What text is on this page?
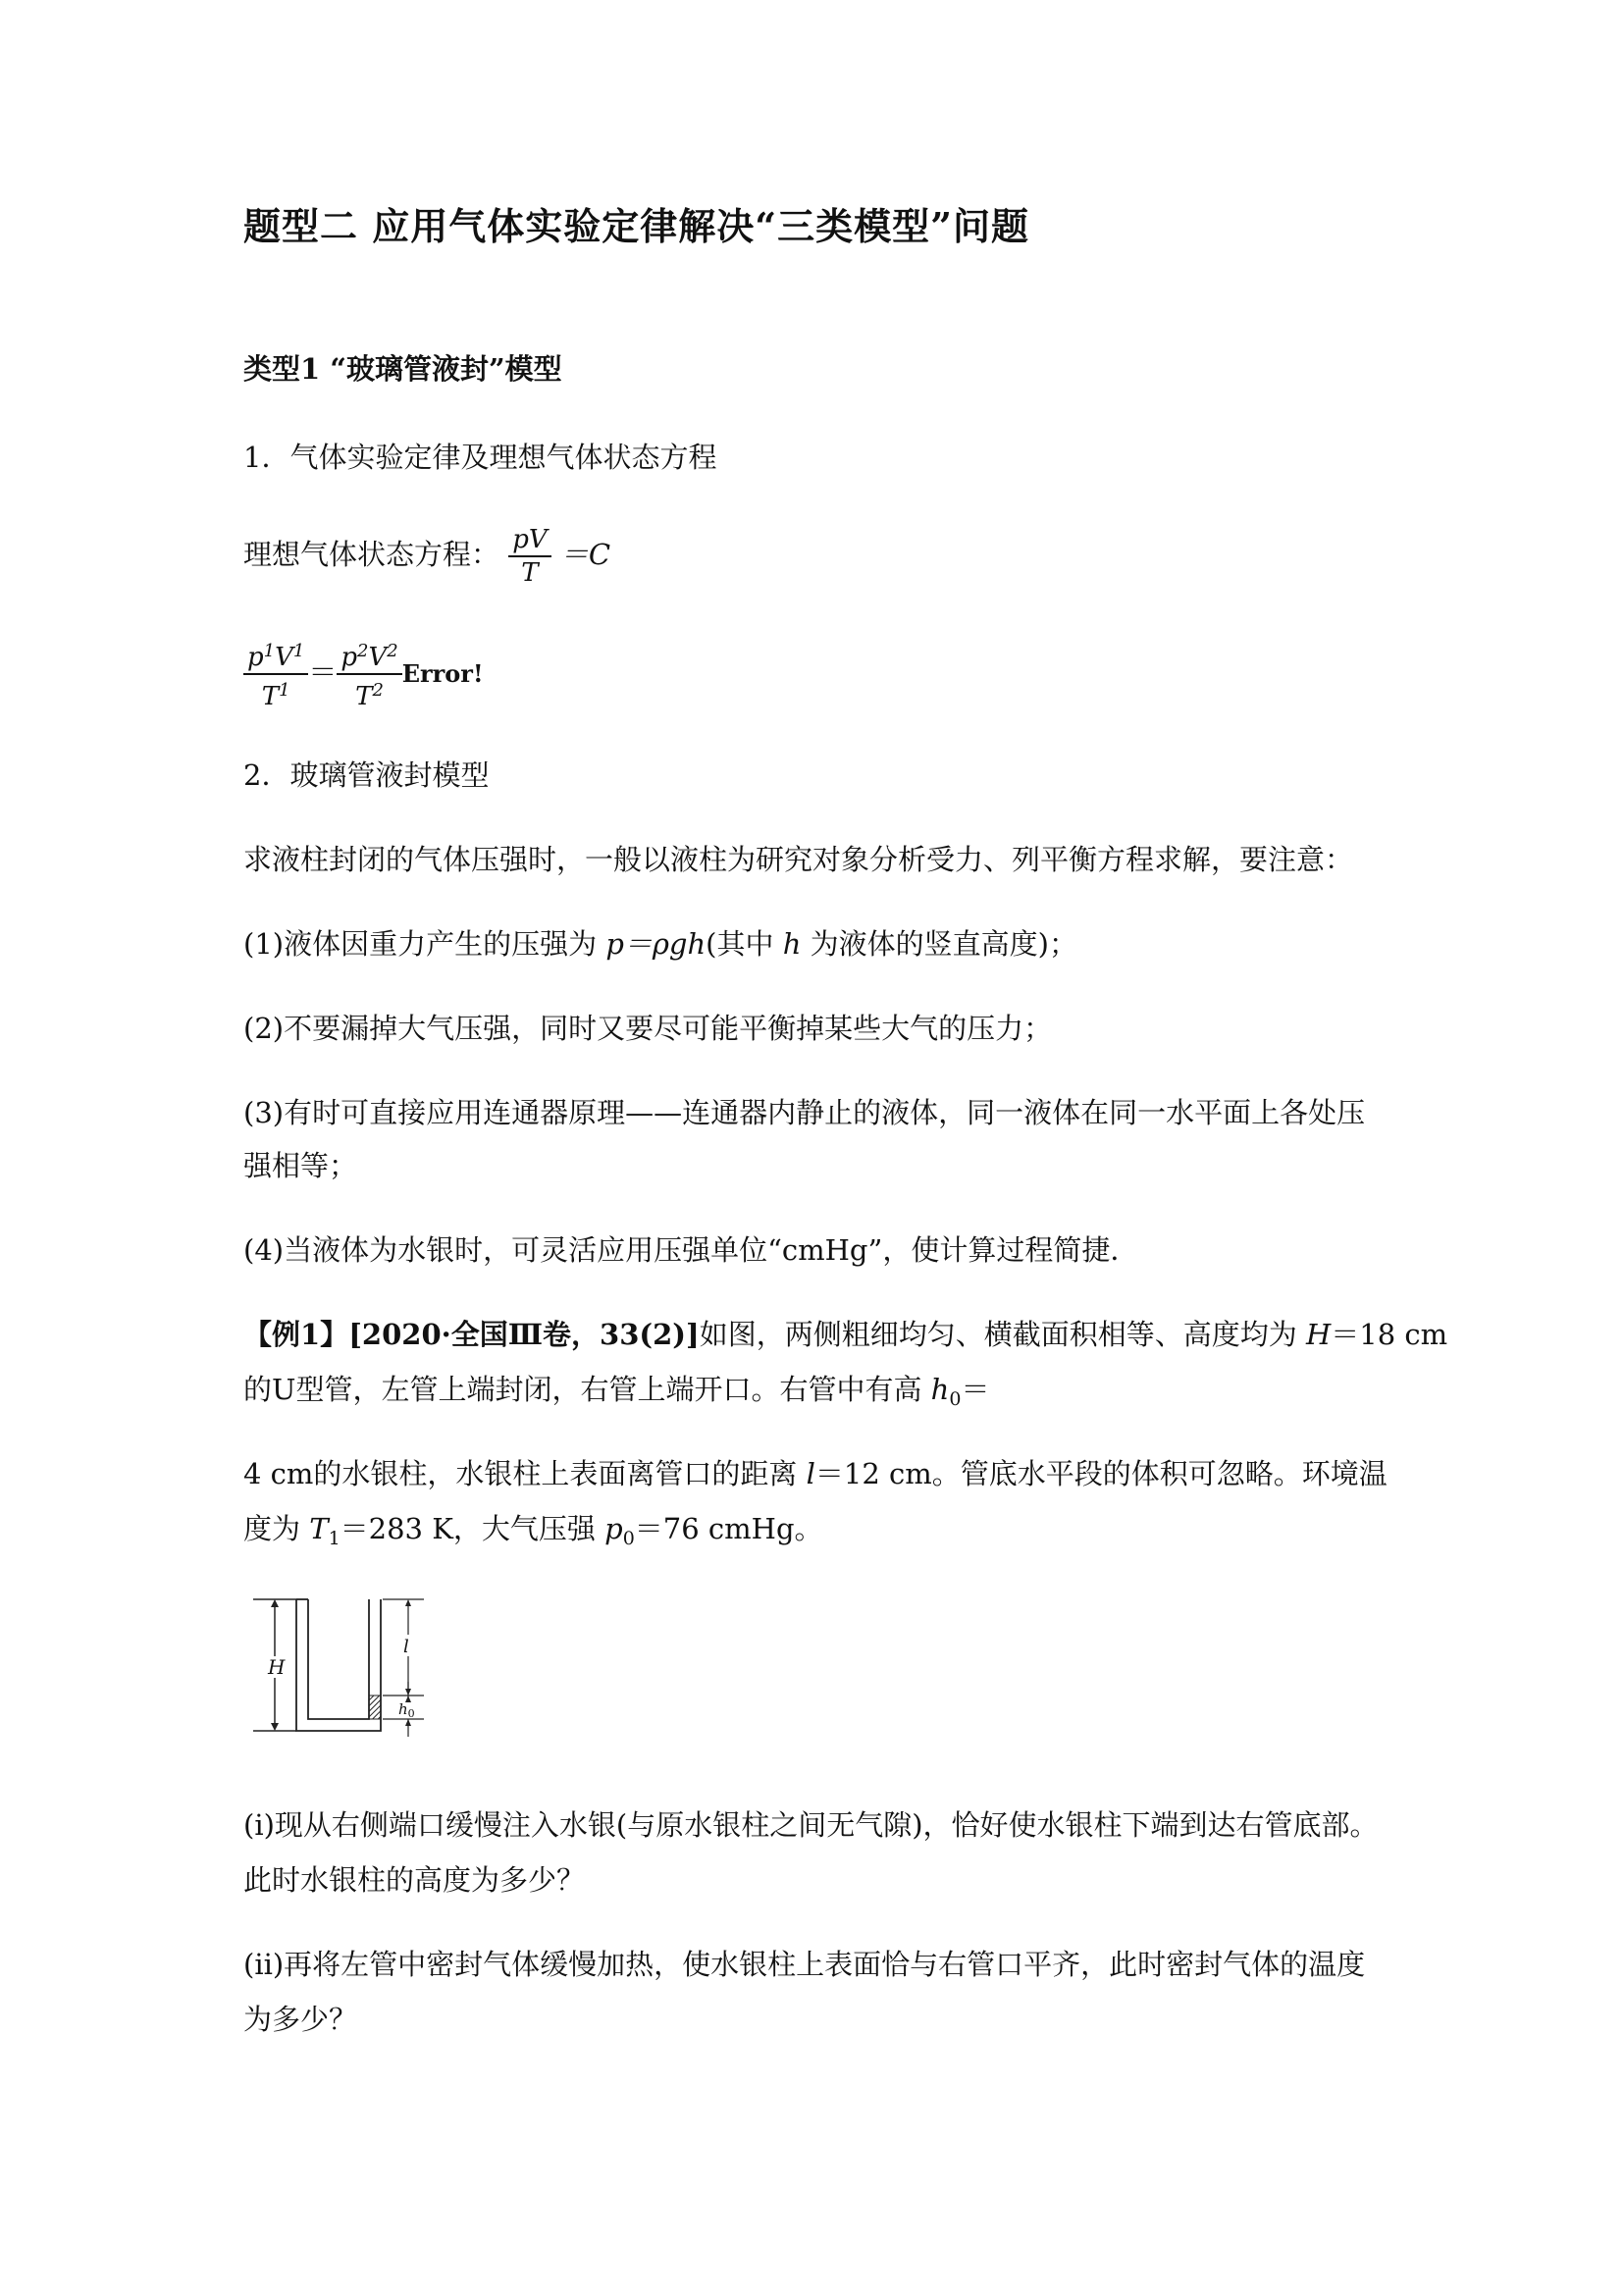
题型二 应用气体实验定律解决“三类模型”问题
类型1 “玻璃管液封”模型
1．气体实验定律及理想气体状态方程
理想气体状态方程： $\frac{pV}{T} =C$
$\frac{p^1V^1}{T^1} = \frac{p^2V^2}{T^2}$ Error!
2．玻璃管液封模型
求液柱封闭的气体压强时，一般以液柱为研究对象分析受力、列平衡方程求解，要注意：
(1)液体因重力产生的压强为 p＝ρgh(其中 h 为液体的竖直高度)；
(2)不要漏掉大气压强，同时又要尽可能平衡掉某些大气的压力；
(3)有时可直接应用连通器原理——连通器内静止的液体，同一液体在同一水平面上各处压
强相等；
(4)当液体为水银时，可灵活应用压强单位“cmHg”，使计算过程简捷．
【例1】[2020·全国Ⅲ卷，33(2)]如图，两侧粗细均匀、横截面积相等、高度均为 H＝18 cm
的U型管，左管上端封闭，右管上端开口。右管中有高 $h_0=$
4 cm的水银柱，水银柱上表面离管口的距离 l＝12 cm。管底水平段的体积可忽略。环境温
度为 $T_1=283$ K，大气压强 $p_0=76$ cmHg。
H
l
$h_0$
(ⅰ)现从右侧端口缓慢注入水银(与原水银柱之间无气隙)，恰好使水银柱下端到达右管底部。
此时水银柱的高度为多少？
(ⅱ)再将左管中密封气体缓慢加热，使水银柱上表面恰与右管口平齐，此时密封气体的温度
为多少？
